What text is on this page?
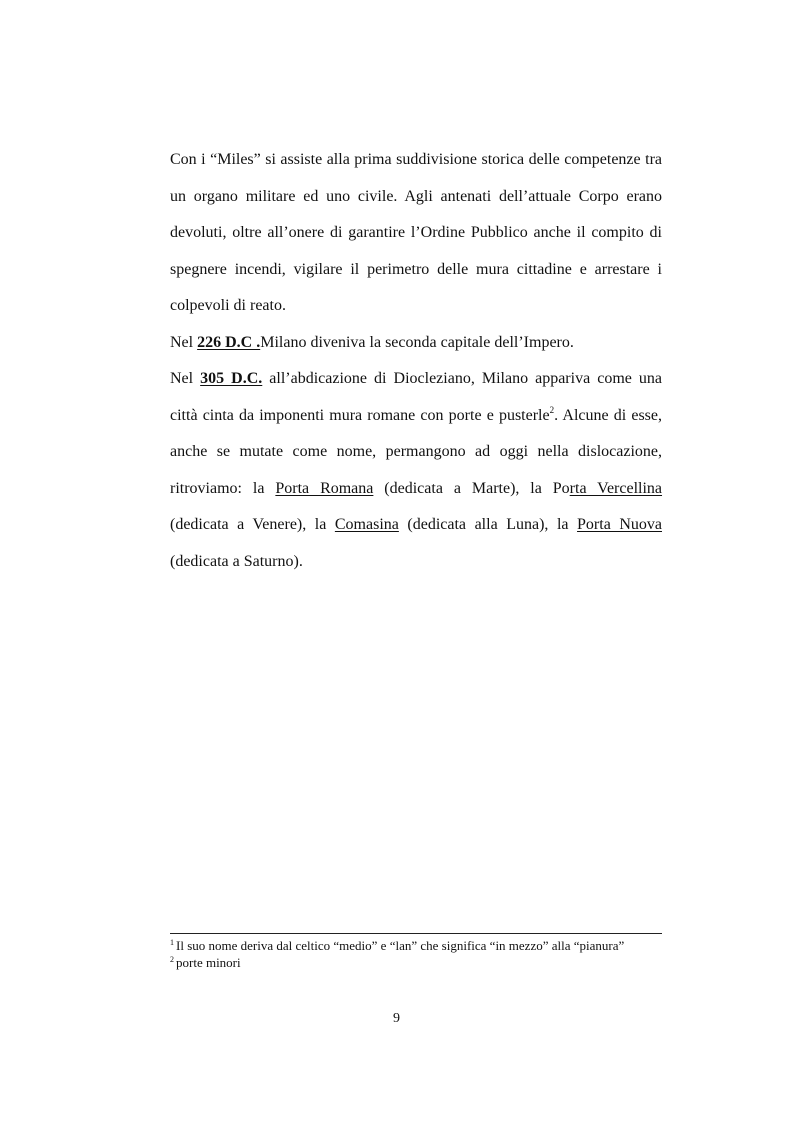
Con i “Miles” si assiste alla prima suddivisione storica delle competenze tra un organo militare ed uno civile. Agli antenati dell’attuale Corpo erano devoluti, oltre all’onere di garantire l’Ordine Pubblico anche il compito di spegnere incendi, vigilare il perimetro delle mura cittadine e arrestare i colpevoli di reato.

Nel 226 D.C .Milano diveniva la seconda capitale dell’Impero.

Nel 305 D.C. all’abdicazione di Diocleziano, Milano appariva come una città cinta da imponenti mura romane con porte e pusterle$^2$. Alcune di esse, anche se mutate come nome, permangono ad oggi nella dislocazione, ritroviamo: la Porta Romana (dedicata a Marte), la Porta Vercellina (dedicata a Venere), la Comasina (dedicata alla Luna), la Porta Nuova (dedicata a Saturno).

$^1$ Il suo nome deriva dal celtico “medio” e “lan” che significa “in mezzo” alla “pianura”

$^2$ porte minori

9
